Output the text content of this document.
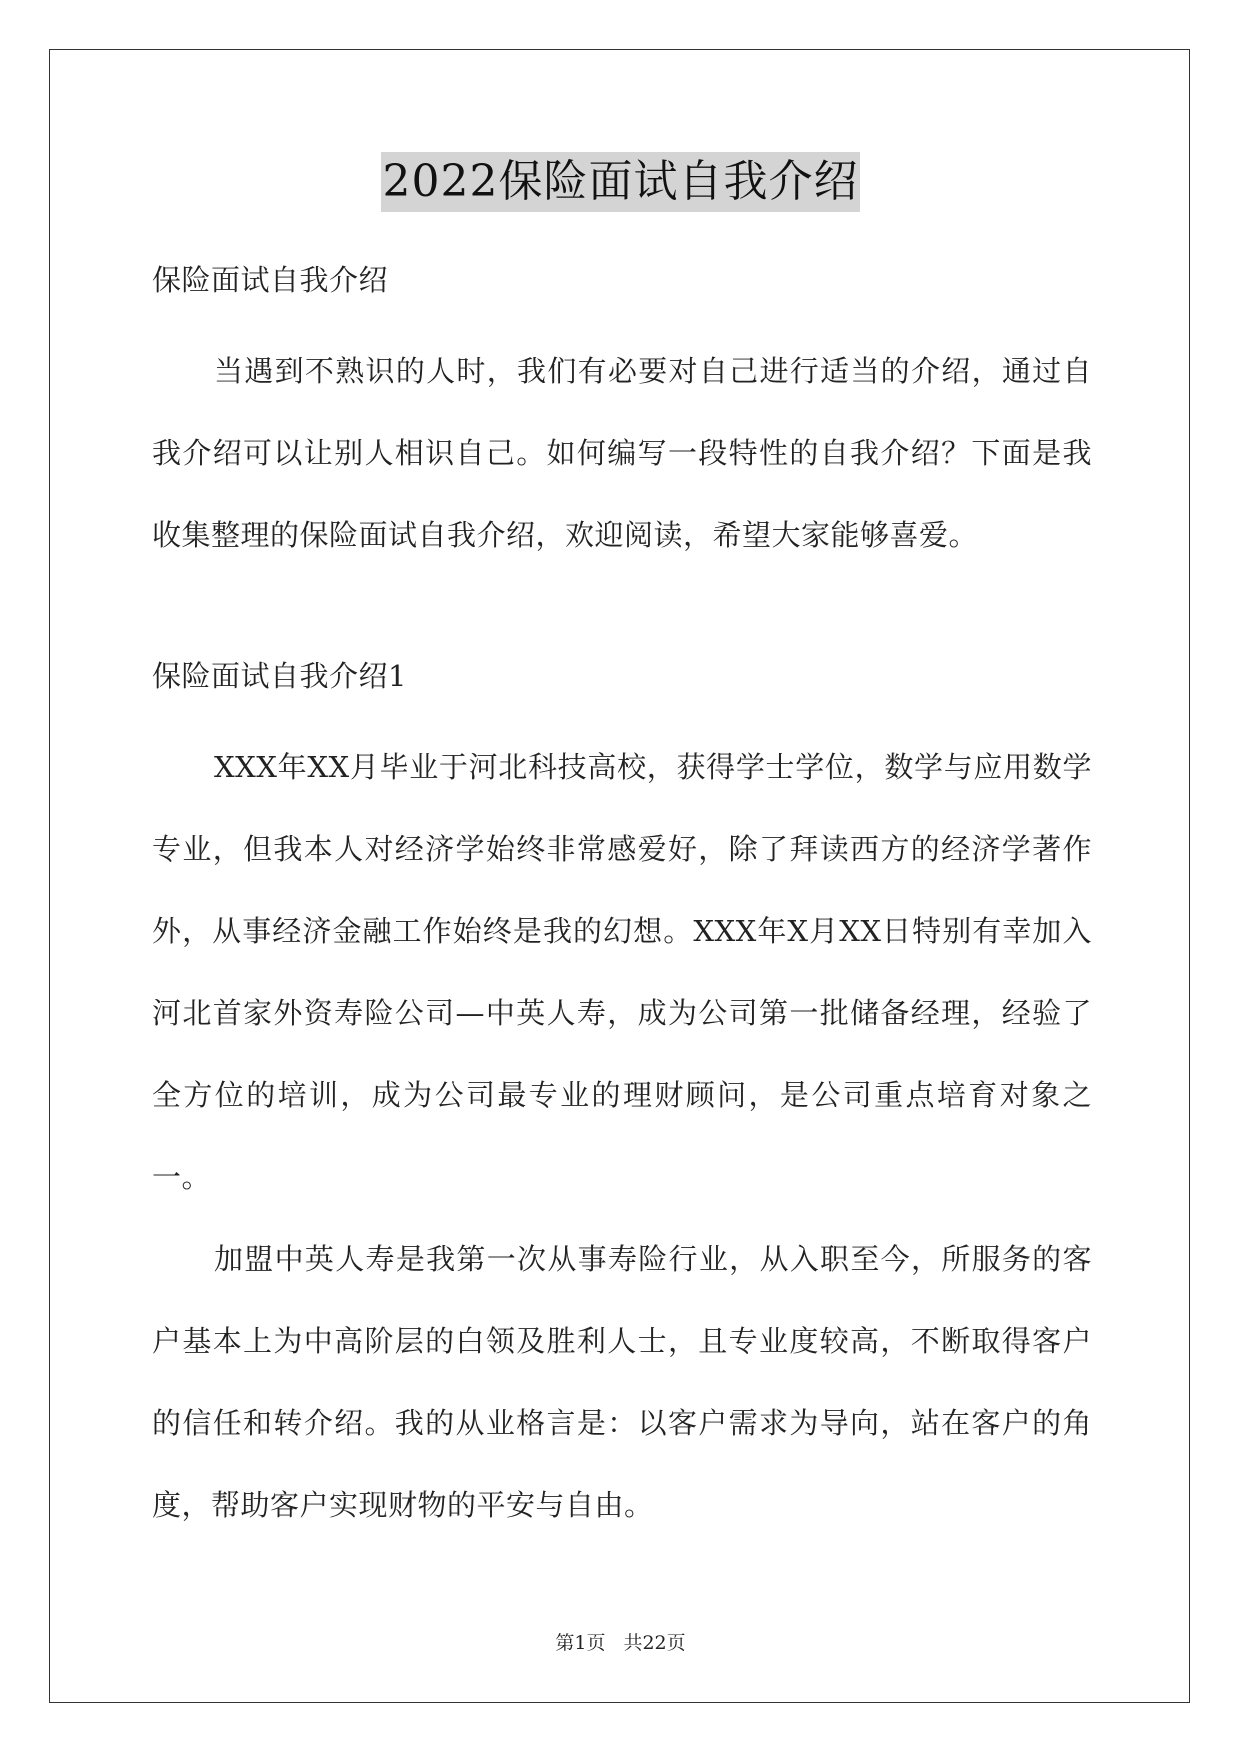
2022保险面试自我介绍

保险面试自我介绍

当遇到不熟识的人时，我们有必要对自己进行适当的介绍，通过自我介绍可以让别人相识自己。如何编写一段特性的自我介绍？下面是我收集整理的保险面试自我介绍，欢迎阅读，希望大家能够喜爱。

保险面试自我介绍1

XXX年XX月毕业于河北科技高校，获得学士学位，数学与应用数学专业，但我本人对经济学始终非常感爱好，除了拜读西方的经济学著作外，从事经济金融工作始终是我的幻想。XXX年X月XX日特别有幸加入河北首家外资寿险公司—中英人寿，成为公司第一批储备经理，经验了全方位的培训，成为公司最专业的理财顾问，是公司重点培育对象之一。

加盟中英人寿是我第一次从事寿险行业，从入职至今，所服务的客户基本上为中高阶层的白领及胜利人士，且专业度较高，不断取得客户的信任和转介绍。我的从业格言是：以客户需求为导向，站在客户的角度，帮助客户实现财物的平安与自由。

第1页 共22页
